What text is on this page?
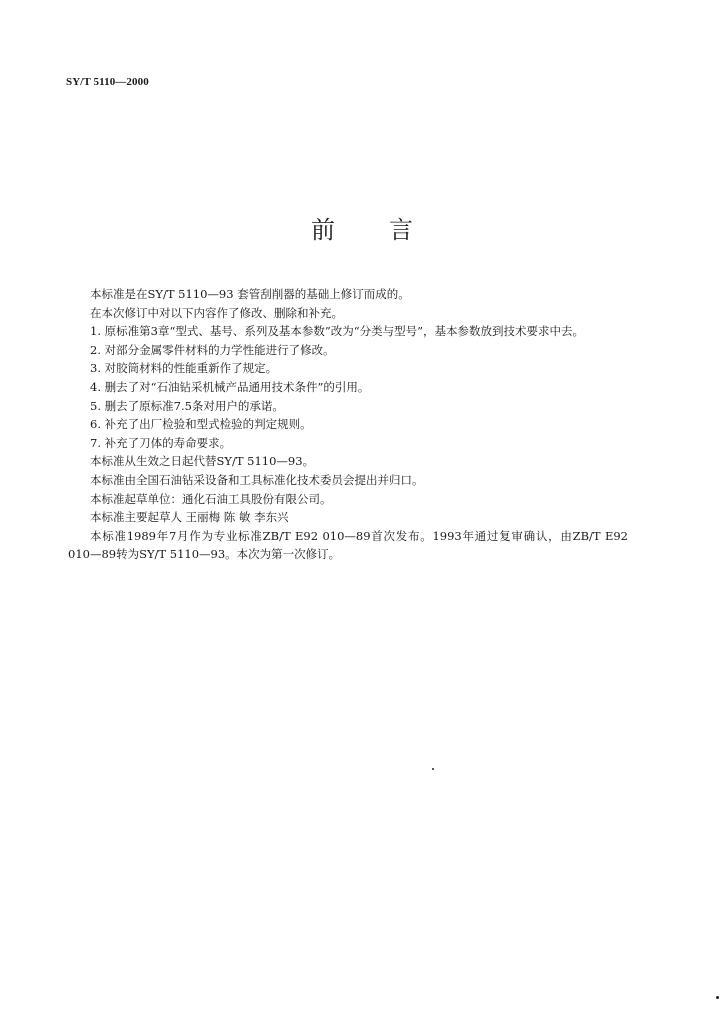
SY/T 5110—2000
前言

本标准是在SY/T 5110—93 套管刮削器的基础上修订而成的。

在本次修订中对以下内容作了修改、删除和补充。

1. 原标准第3章“型式、基号、系列及基本参数”改为“分类与型号”，基本参数放到技术要求中去。

2. 对部分金属零件材料的力学性能进行了修改。

3. 对胶筒材料的性能重新作了规定。

4. 删去了对“石油钻采机械产品通用技术条件”的引用。

5. 删去了原标准7.5条对用户的承诺。

6. 补充了出厂检验和型式检验的判定规则。

7. 补充了刀体的寿命要求。

本标准从生效之日起代替SY/T 5110—93。

本标准由全国石油钻采设备和工具标准化技术委员会提出并归口。

本标准起草单位：通化石油工具股份有限公司。

本标准主要起草人 王丽梅 陈 敏 李东兴

本标准1989年7月作为专业标准ZB/T E92 010—89首次发布。1993年通过复审确认，由ZB/T E92 010—89转为SY/T 5110—93。本次为第一次修订。
